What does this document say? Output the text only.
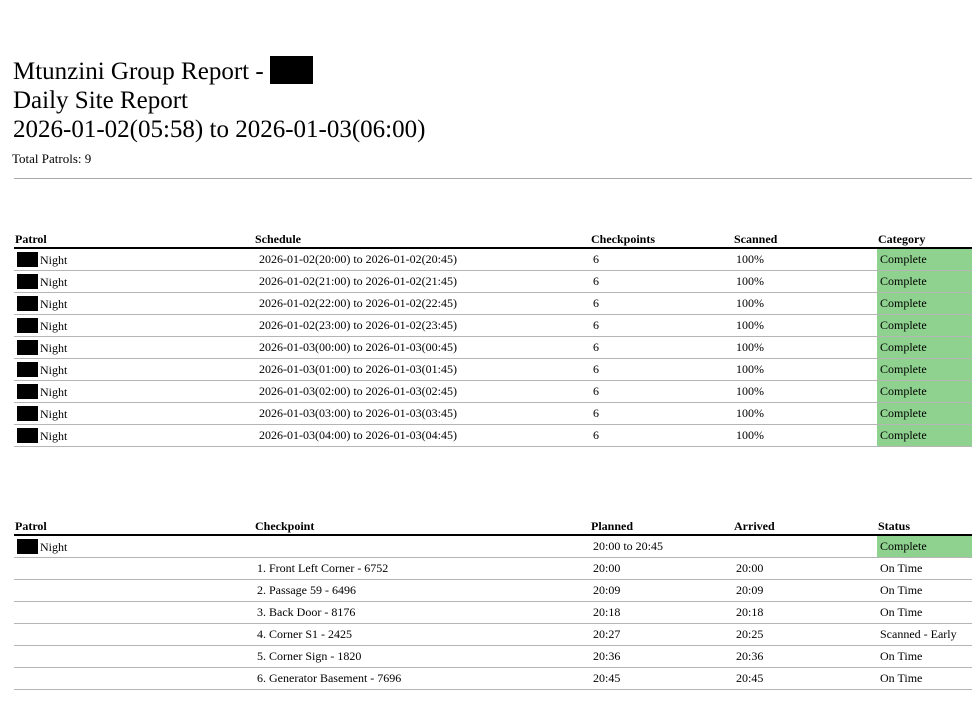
Mtunzini Group Report -
Daily Site Report
2026-01-02(05:58) to 2026-01-03(06:00)
Total Patrols: 9
Patrol	Schedule	Checkpoints	Scanned	Category
Night	2026-01-02(20:00) to 2026-01-02(20:45)	6	100%	Complete
Night	2026-01-02(21:00) to 2026-01-02(21:45)	6	100%	Complete
Night	2026-01-02(22:00) to 2026-01-02(22:45)	6	100%	Complete
Night	2026-01-02(23:00) to 2026-01-02(23:45)	6	100%	Complete
Night	2026-01-03(00:00) to 2026-01-03(00:45)	6	100%	Complete
Night	2026-01-03(01:00) to 2026-01-03(01:45)	6	100%	Complete
Night	2026-01-03(02:00) to 2026-01-03(02:45)	6	100%	Complete
Night	2026-01-03(03:00) to 2026-01-03(03:45)	6	100%	Complete
Night	2026-01-03(04:00) to 2026-01-03(04:45)	6	100%	Complete
Patrol	Checkpoint	Planned	Arrived	Status
Night		20:00 to 20:45		Complete
	1. Front Left Corner - 6752	20:00	20:00	On Time
	2. Passage 59 - 6496	20:09	20:09	On Time
	3. Back Door - 8176	20:18	20:18	On Time
	4. Corner S1 - 2425	20:27	20:25	Scanned - Early
	5. Corner Sign - 1820	20:36	20:36	On Time
	6. Generator Basement - 7696	20:45	20:45	On Time
